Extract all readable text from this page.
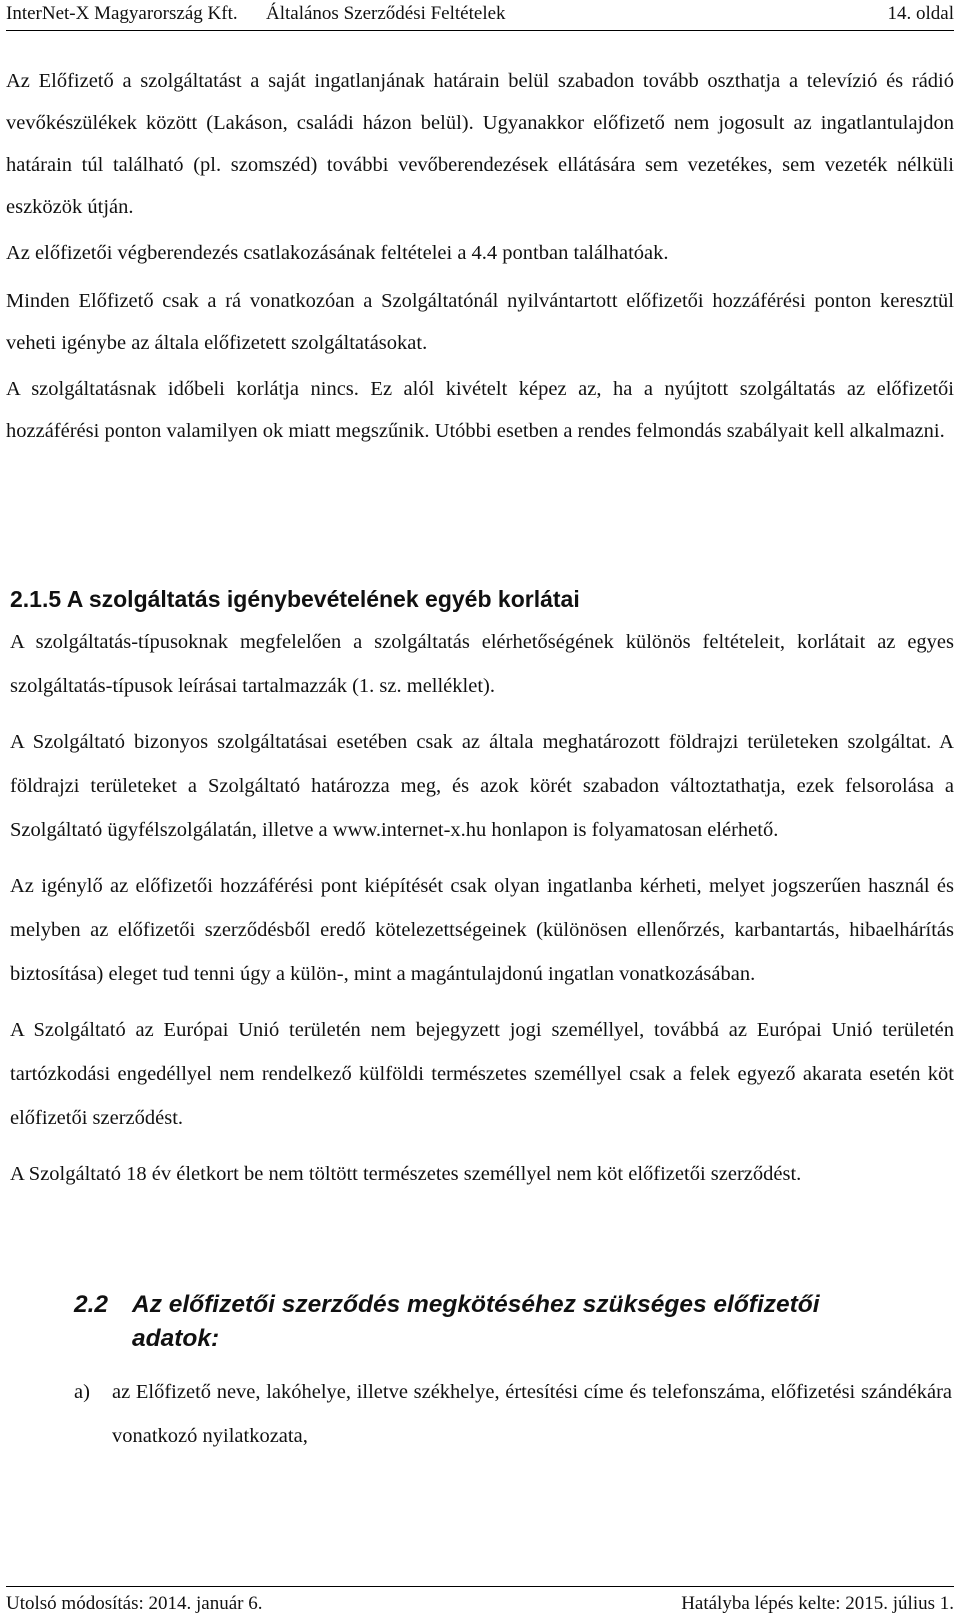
InterNet-X Magyarország Kft. Általános Szerződési Feltételek	14. oldal

Az Előfizető a szolgáltatást a saját ingatlanjának határain belül szabadon tovább oszthatja a televízió és rádió vevőkészülékek között (Lakáson, családi házon belül). Ugyanakkor előfizető nem jogosult az ingatlantulajdon határain túl található (pl. szomszéd) további vevőberendezések ellátására sem vezetékes, sem vezeték nélküli eszközök útján.

Az előfizetői végberendezés csatlakozásának feltételei a 4.4 pontban találhatóak.

Minden Előfizető csak a rá vonatkozóan a Szolgáltatónál nyilvántartott előfizetői hozzáférési ponton keresztül veheti igénybe az általa előfizetett szolgáltatásokat.

A szolgáltatásnak időbeli korlátja nincs. Ez alól kivételt képez az, ha a nyújtott szolgáltatás az előfizetői hozzáférési ponton valamilyen ok miatt megszűnik. Utóbbi esetben a rendes felmondás szabályait kell alkalmazni.

2.1.5 A szolgáltatás igénybevételének egyéb korlátai

A szolgáltatás-típusoknak megfelelően a szolgáltatás elérhetőségének különös feltételeit, korlátait az egyes szolgáltatás-típusok leírásai tartalmazzák (1. sz. melléklet).

A Szolgáltató bizonyos szolgáltatásai esetében csak az általa meghatározott földrajzi területeken szolgáltat. A földrajzi területeket a Szolgáltató határozza meg, és azok körét szabadon változtathatja, ezek felsorolása a Szolgáltató ügyfélszolgálatán, illetve a www.internet-x.hu honlapon is folyamatosan elérhető.

Az igénylő az előfizetői hozzáférési pont kiépítését csak olyan ingatlanba kérheti, melyet jogszerűen használ és melyben az előfizetői szerződésből eredő kötelezettségeinek (különösen ellenőrzés, karbantartás, hibaelhárítás biztosítása) eleget tud tenni úgy a külön-, mint a magántulajdonú ingatlan vonatkozásában.

A Szolgáltató az Európai Unió területén nem bejegyzett jogi személlyel, továbbá az Európai Unió területén tartózkodási engedéllyel nem rendelkező külföldi természetes személlyel csak a felek egyező akarata esetén köt előfizetői szerződést.

A Szolgáltató 18 év életkort be nem töltött természetes személlyel nem köt előfizetői szerződést.

2.2 Az előfizetői szerződés megkötéséhez szükséges előfizetői adatok:
a) az Előfizető neve, lakóhelye, illetve székhelye, értesítési címe és telefonszáma, előfizetési szándékára vonatkozó nyilatkozata,
Utolsó módosítás: 2014. január 6.	Hatályba lépés kelte: 2015. július 1.
